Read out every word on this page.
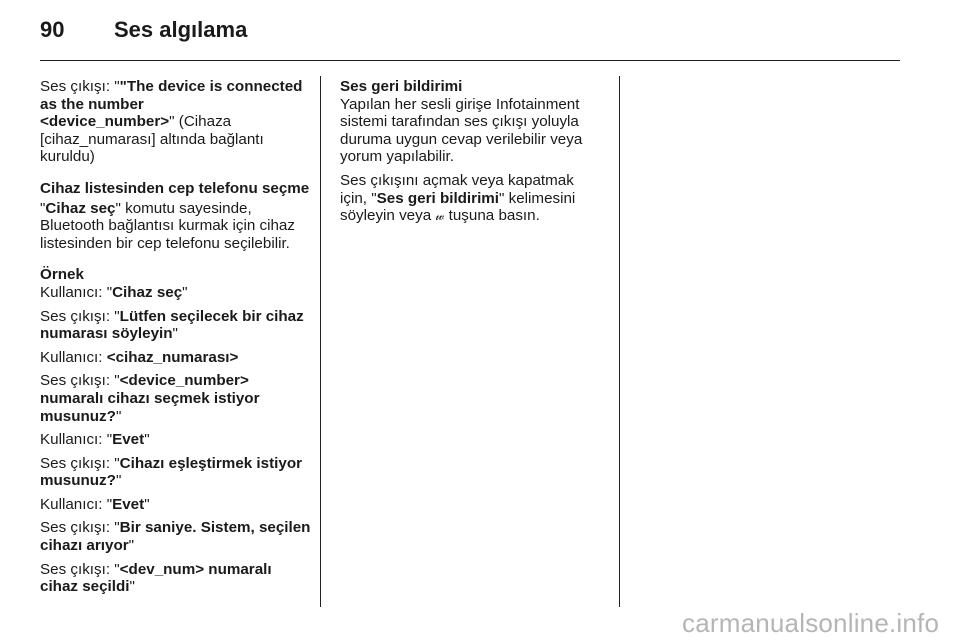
90 Ses algılama

Ses çıkışı: ""The device is connected as the number
<device_number>" (Cihaza [cihaz_numarası] altında bağlantı kuruldu)

Cihaz listesinden cep telefonu seçme

"Cihaz seç" komutu sayesinde, Bluetooth bağlantısı kurmak için cihaz listesinden bir cep telefonu seçilebilir.

Örnek

Kullanıcı: "Cihaz seç"

Ses çıkışı: "Lütfen seçilecek bir cihaz numarası söyleyin"

Kullanıcı: <cihaz_numarası>

Ses çıkışı: "<device_number> numaralı cihazı seçmek istiyor musunuz?"

Kullanıcı: "Evet"

Ses çıkışı: "Cihazı eşleştirmek istiyor musunuz?"

Kullanıcı: "Evet"

Ses çıkışı: "Bir saniye. Sistem, seçilen cihazı arıyor"

Ses çıkışı: "<dev_num> numaralı cihaz seçildi"

Ses geri bildirimi

Yapılan her sesli girişe Infotainment sistemi tarafından ses çıkışı yoluyla duruma uygun cevap verilebilir veya yorum yapılabilir.

Ses çıkışını açmak veya kapatmak için, "Ses geri bildirimi" kelimesini söyleyin veya 𝓌 tuşuna basın.

carmanualsonline.info
